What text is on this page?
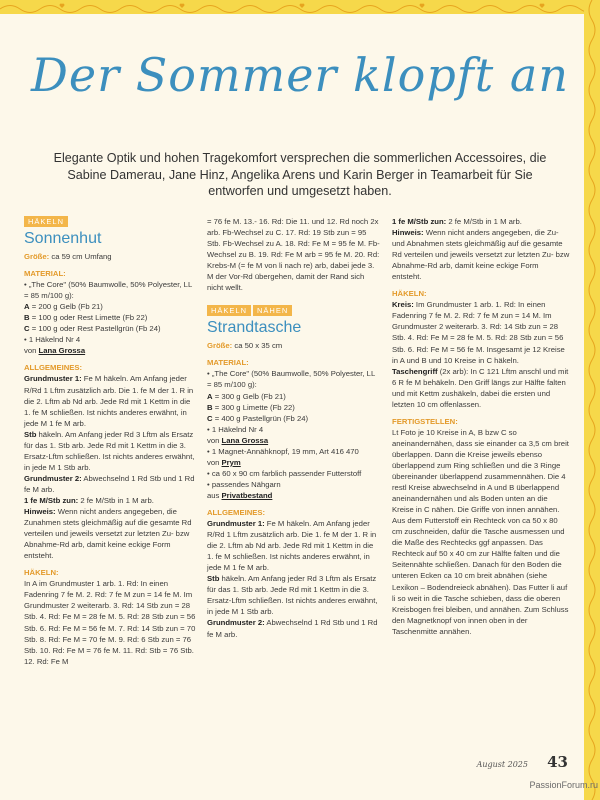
Der Sommer klopft an
Elegante Optik und hohen Tragekomfort versprechen die sommerlichen Accessoires, die Sabine Damerau, Jane Hinz, Angelika Arens und Karin Berger in Teamarbeit für Sie entworfen und umgesetzt haben.
HÄKELN
Sonnenhut

Größe: ca 59 cm Umfang

MATERIAL:

• „The Core" (50% Baumwolle, 50% Polyester, LL = 85 m/100 g):

A = 200 g Gelb (Fb 21)

B = 100 g oder Rest Limette (Fb 22)

C = 100 g oder Rest Pastellgrün (Fb 24)

• 1 Häkelnd Nr 4

von Lana Grossa

ALLGEMEINES:

Grundmuster 1: Fe M häkeln. Am Anfang jeder R/Rd 1 Lftm zusätzlich arb. Die 1. fe M der 1. R in die 2. Lftm ab Nd arb. Jede Rd mit 1 Kettm in die 1. fe M schließen. Ist nichts anderes erwähnt, in jede M 1 fe M arb.

Stb häkeln. Am Anfang jeder Rd 3 Lftm als Ersatz für das 1. Stb arb. Jede Rd mit 1 Kettm in die 3. Ersatz-Lftm schließen. Ist nichts anderes erwähnt, in jede M 1 Stb arb.

Grundmuster 2: Abwechselnd 1 Rd Stb und 1 Rd fe M arb.

1 fe M/Stb zun: 2 fe M/Stb in 1 M arb.

Hinweis: Wenn nicht anders angegeben, die Zunahmen stets gleichmäßig auf die gesamte Rd verteilen und jeweils versetzt zur letzten Zu- bzw Abnahme-Rd arb, damit keine eckige Form entsteht.

HÄKELN:

In A im Grundmuster 1 arb. 1. Rd: In einen Fadenring 7 fe M. 2. Rd: 7 fe M zun = 14 fe M. Im Grundmuster 2 weiterarb. 3. Rd: 14 Stb zun = 28 Stb. 4. Rd: Fe M = 28 fe M. 5. Rd: 28 Stb zun = 56 Stb. 6. Rd: Fe M = 56 fe M. 7. Rd: 14 Stb zun = 70 Stb. 8. Rd: Fe M = 70 fe M. 9. Rd: 6 Stb zun = 76 Stb. 10. Rd: Fe M = 76 fe M. 11. Rd: Stb = 76 Stb. 12. Rd: Fe M

= 76 fe M. 13.- 16. Rd: Die 11. und 12. Rd noch 2x arb. Fb-Wechsel zu C. 17. Rd: 19 Stb zun = 95 Stb. Fb-Wechsel zu A. 18. Rd: Fe M = 95 fe M. Fb-Wechsel zu B. 19. Rd: Fe M arb = 95 fe M. 20. Rd: Krebs-M (= fe M von li nach re) arb, dabei jede 3. M der Vor-Rd übergehen, damit der Rand sich nicht wellt.

HÄKELN	NÄHEN
Strandtasche

Größe: ca 50 x 35 cm

MATERIAL:

• „The Core" (50% Baumwolle, 50% Polyester, LL = 85 m/100 g):

A = 300 g Gelb (Fb 21)

B = 300 g Limette (Fb 22)

C = 400 g Pastellgrün (Fb 24)

• 1 Häkelnd Nr 4

von Lana Grossa

• 1 Magnet-Annähknopf, 19 mm, Art 416 470

von Prym

• ca 60 x 90 cm farblich passender Futterstoff

• passendes Nähgarn

aus Privatbestand

ALLGEMEINES:

Grundmuster 1: Fe M häkeln. Am Anfang jeder R/Rd 1 Lftm zusätzlich arb. Die 1. fe M der 1. R in die 2. Lftm ab Nd arb. Jede Rd mit 1 Kettm in die 1. fe M schließen. Ist nichts anderes erwähnt, in jede M 1 fe M arb.

Stb häkeln. Am Anfang jeder Rd 3 Lftm als Ersatz für das 1. Stb arb. Jede Rd mit 1 Kettm in die 3. Ersatz-Lftm schließen. Ist nichts anderes erwähnt, in jede M 1 Stb arb.

Grundmuster 2: Abwechselnd 1 Rd Stb und 1 Rd fe M arb.

1 fe M/Stb zun: 2 fe M/Stb in 1 M arb.

Hinweis: Wenn nicht anders angegeben, die Zu- und Abnahmen stets gleichmäßig auf die gesamte Rd verteilen und jeweils versetzt zur letzten Zu- bzw Abnahme-Rd arb, damit keine eckige Form entsteht.

HÄKELN:

Kreis: Im Grundmuster 1 arb. 1. Rd: In einen Fadenring 7 fe M. 2. Rd: 7 fe M zun = 14 M. Im Grundmuster 2 weiterarb. 3. Rd: 14 Stb zun = 28 Stb. 4. Rd: Fe M = 28 fe M. 5. Rd: 28 Stb zun = 56 Stb. 6. Rd: Fe M = 56 fe M. Insgesamt je 12 Kreise in A und B und 10 Kreise in C häkeln.

Taschengriff (2x arb): In C 121 Lftm anschl und mit 6 R fe M behäkeln. Den Griff längs zur Hälfte falten und mit Kettm zushäkeln, dabei die ersten und letzten 10 cm offenlassen.

FERTIGSTELLEN:

Lt Foto je 10 Kreise in A, B bzw C so aneinandernähen, dass sie einander ca 3,5 cm breit überlappen. Dann die Kreise jeweils ebenso überlappend zum Ring schließen und die 3 Ringe übereinander überlappend zusammennähen. Die 4 restl Kreise abwechselnd in A und B überlappend aneinandernähen und als Boden unten an die Kreise in C nähen. Die Griffe von innen annähen.

Aus dem Futterstoff ein Rechteck von ca 50 x 80 cm zuschneiden, dafür die Tasche ausmessen und die Maße des Rechtecks ggf anpassen. Das Rechteck auf 50 x 40 cm zur Hälfte falten und die Seitennähte schließen. Danach für den Boden die unteren Ecken ca 10 cm breit abnähen (siehe Lexikon – Bodendreieck abnähen). Das Futter li auf li so weit in die Tasche schieben, dass die oberen Kreisbogen frei bleiben, und annähen. Zum Schluss den Magnetknopf von innen oben in der Taschenmitte annähen.

August 2025 43
PassionForum.ru
